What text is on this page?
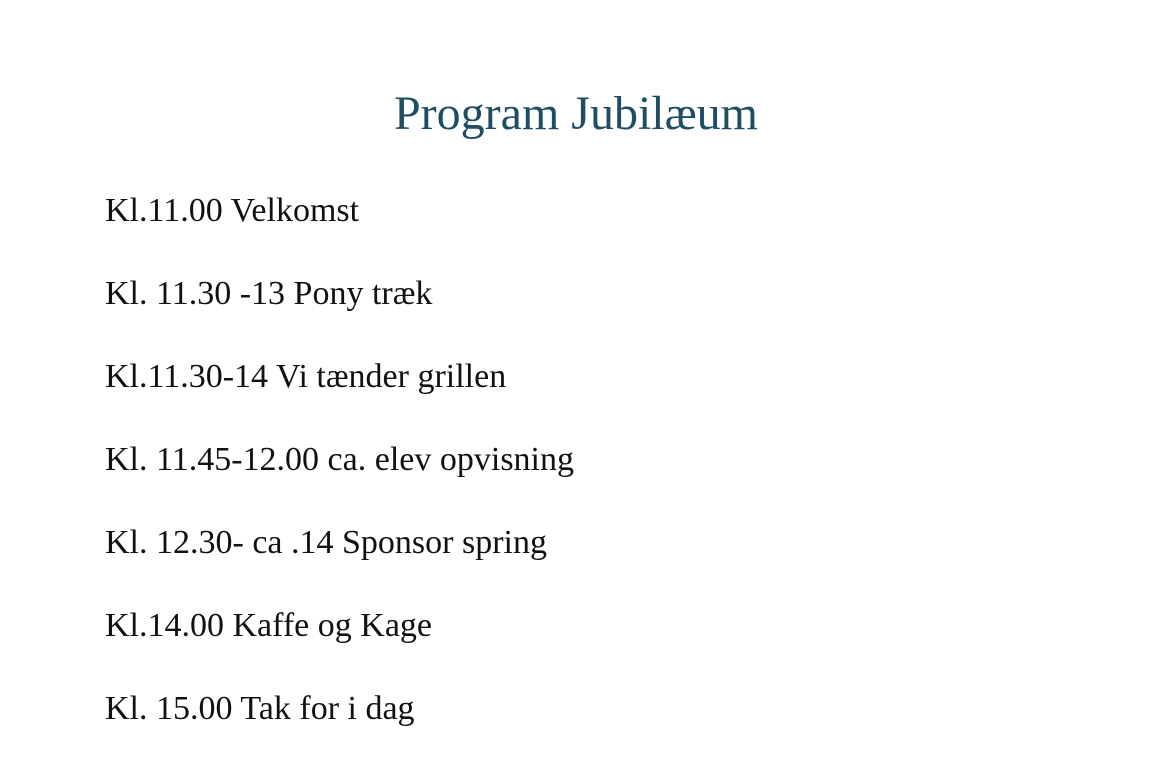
Program Jubilæum
Kl.11.00 Velkomst
Kl. 11.30 -13 Pony træk
Kl.11.30-14 Vi tænder grillen
Kl. 11.45-12.00 ca. elev opvisning
Kl. 12.30- ca .14 Sponsor spring
Kl.14.00 Kaffe og Kage
Kl. 15.00 Tak for i dag
